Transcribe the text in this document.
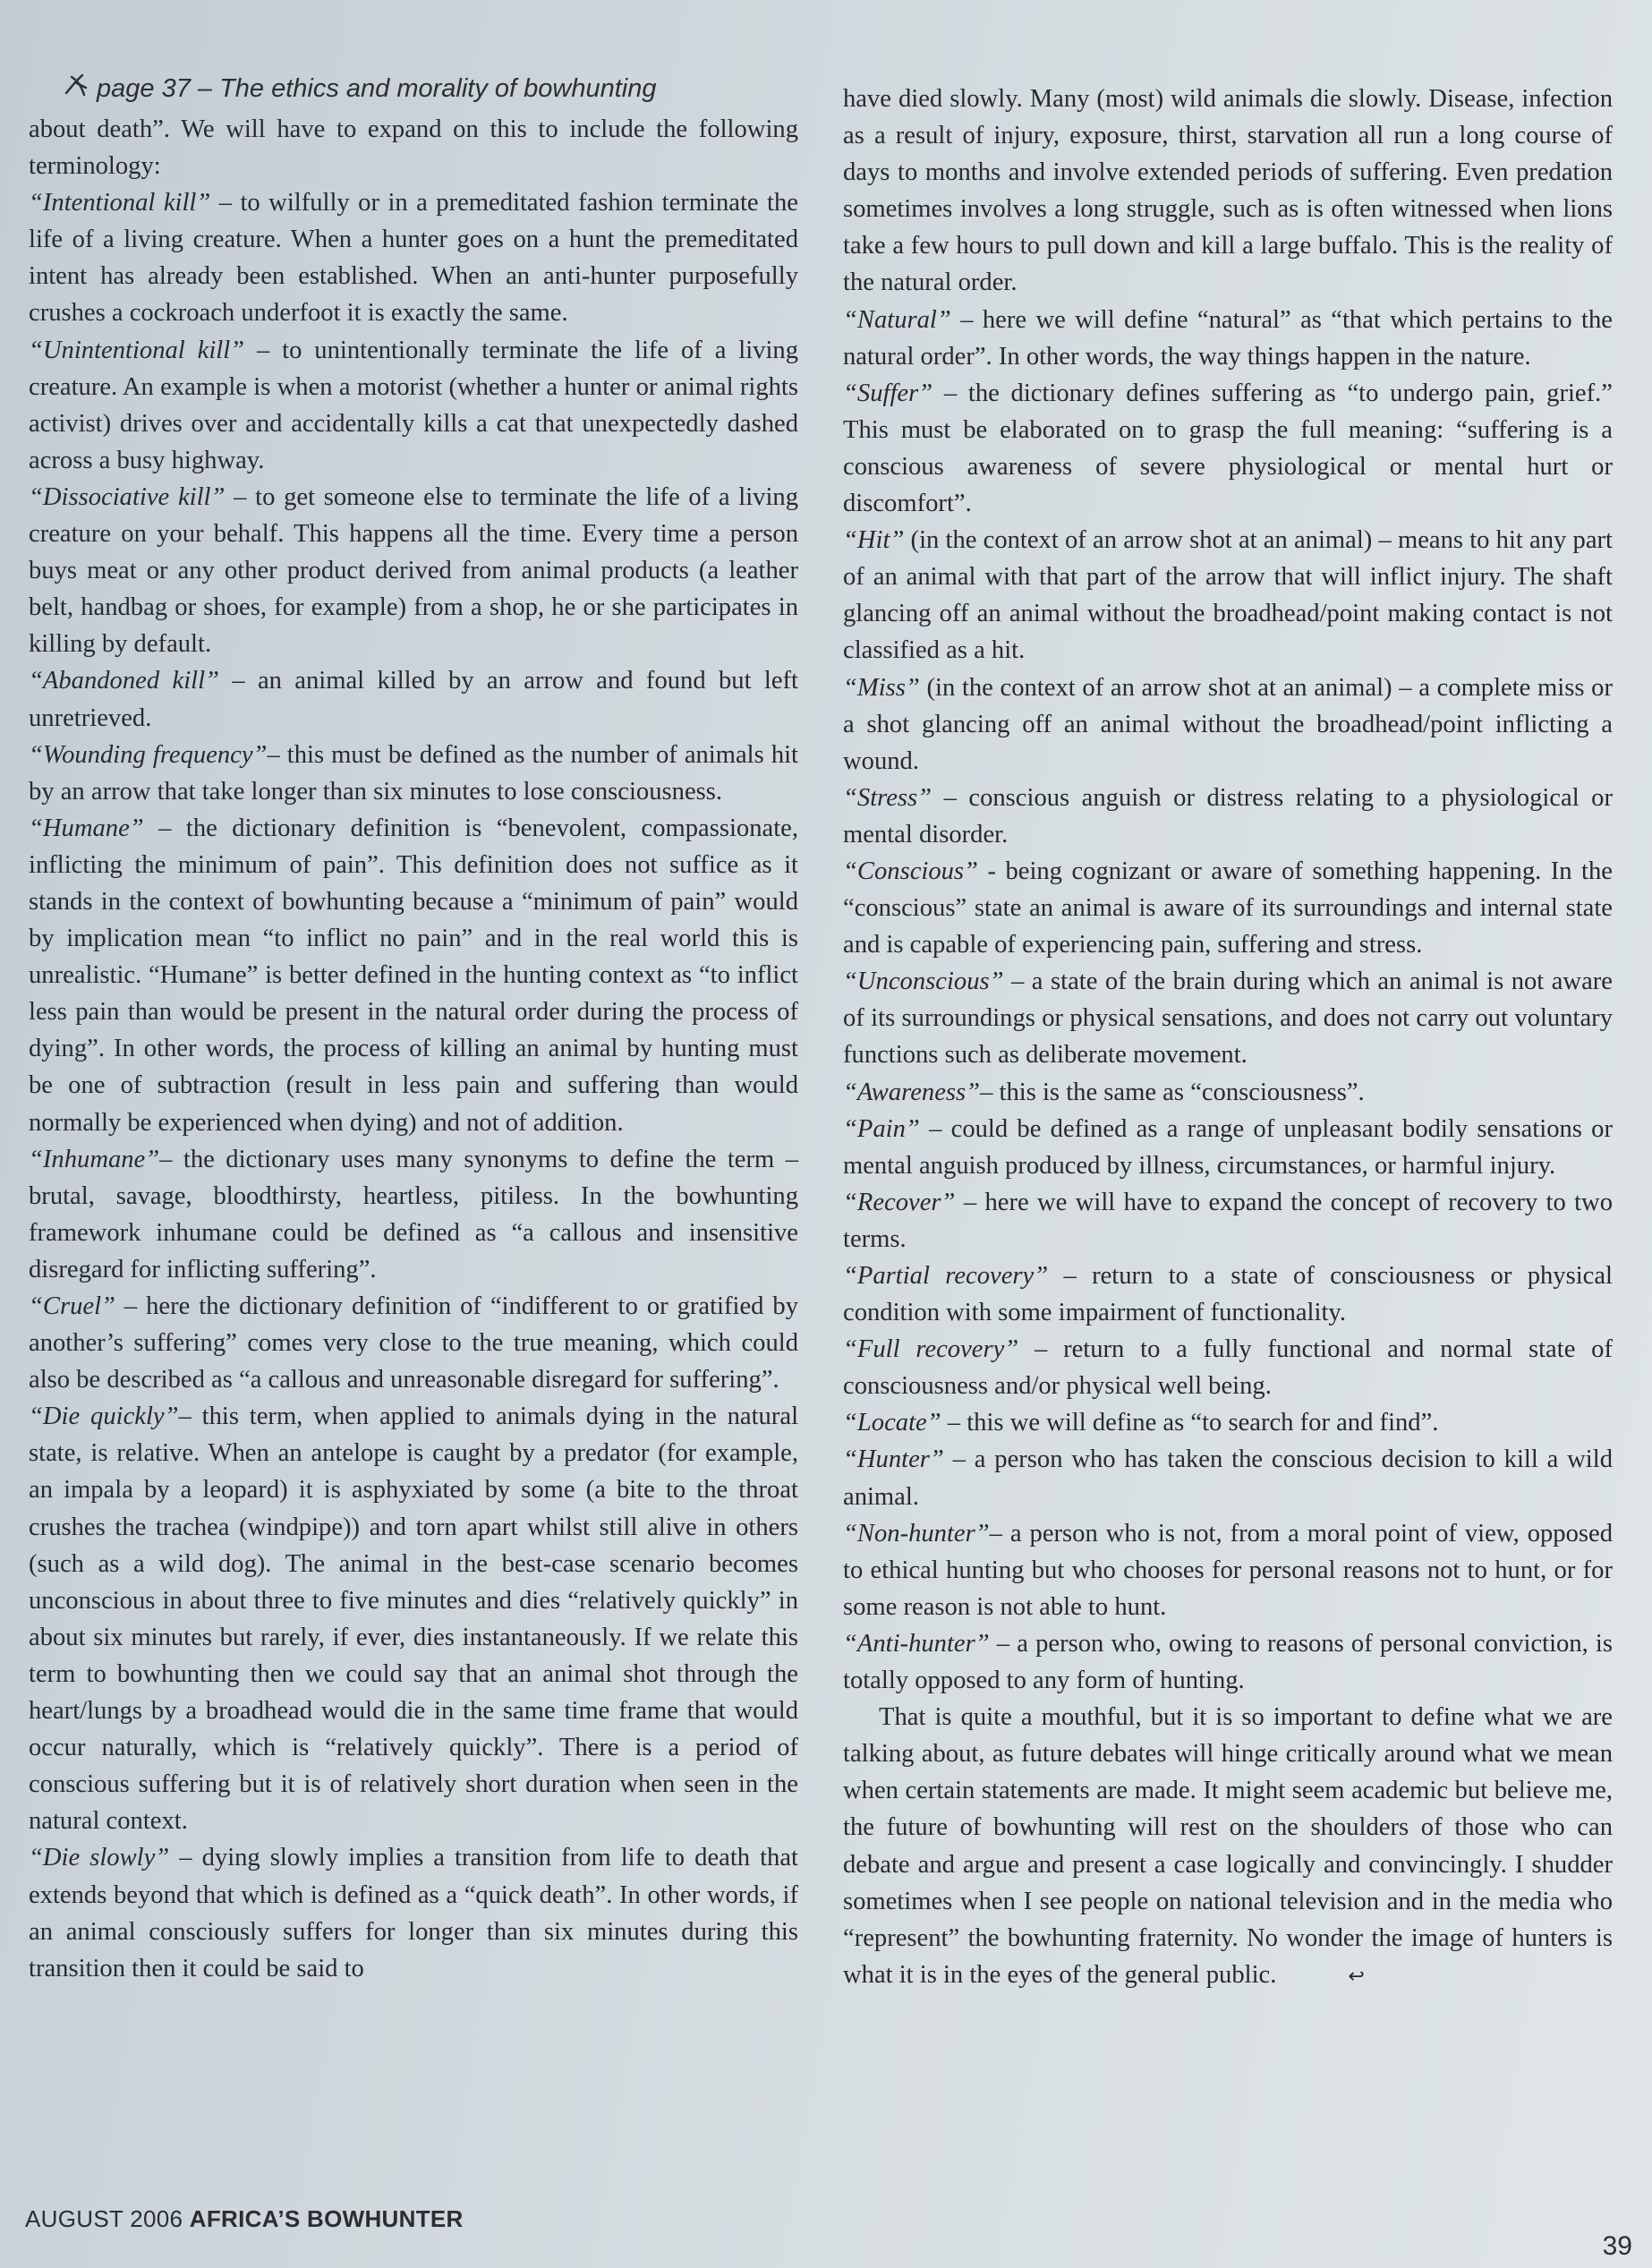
page 37 – The ethics and morality of bowhunting

about death”. We will have to expand on this to include the following terminology:

“Intentional kill” – to wilfully or in a premeditated fashion terminate the life of a living creature. When a hunter goes on a hunt the premeditated intent has already been established. When an anti-hunter purposefully crushes a cockroach underfoot it is exactly the same.

“Unintentional kill” – to unintentionally terminate the life of a living creature. An example is when a motorist (whether a hunter or animal rights activist) drives over and accidentally kills a cat that unexpectedly dashed across a busy highway.

“Dissociative kill” – to get someone else to terminate the life of a living creature on your behalf. This happens all the time. Every time a person buys meat or any other product derived from animal products (a leather belt, handbag or shoes, for example) from a shop, he or she participates in killing by default.

“Abandoned kill” – an animal killed by an arrow and found but left unretrieved.

“Wounding frequency”– this must be defined as the number of animals hit by an arrow that take longer than six minutes to lose consciousness.

“Humane” – the dictionary definition is “benevolent, compassionate, inflicting the minimum of pain”. This definition does not suffice as it stands in the context of bowhunting because a “minimum of pain” would by implication mean “to inflict no pain” and in the real world this is unrealistic. “Humane” is better defined in the hunting context as “to inflict less pain than would be present in the natural order during the process of dying”. In other words, the process of killing an animal by hunting must be one of subtraction (result in less pain and suffering than would normally be experienced when dying) and not of addition.

“Inhumane”– the dictionary uses many synonyms to define the term – brutal, savage, bloodthirsty, heartless, pitiless. In the bowhunting framework inhumane could be defined as “a callous and insensitive disregard for inflicting suffering”.

“Cruel” – here the dictionary definition of “indifferent to or gratified by another’s suffering” comes very close to the true meaning, which could also be described as “a callous and unreasonable disregard for suffering”.

“Die quickly”– this term, when applied to animals dying in the natural state, is relative. When an antelope is caught by a predator (for example, an impala by a leopard) it is asphyxiated by some (a bite to the throat crushes the trachea (windpipe)) and torn apart whilst still alive in others (such as a wild dog). The animal in the best-case scenario becomes unconscious in about three to five minutes and dies “relatively quickly” in about six minutes but rarely, if ever, dies instantaneously. If we relate this term to bowhunting then we could say that an animal shot through the heart/lungs by a broadhead would die in the same time frame that would occur naturally, which is “relatively quickly”. There is a period of conscious suffering but it is of relatively short duration when seen in the natural context.

“Die slowly” – dying slowly implies a transition from life to death that extends beyond that which is defined as a “quick death”. In other words, if an animal consciously suffers for longer than six minutes during this transition then it could be said to

have died slowly. Many (most) wild animals die slowly. Disease, infection as a result of injury, exposure, thirst, starvation all run a long course of days to months and involve extended periods of suffering. Even predation sometimes involves a long struggle, such as is often witnessed when lions take a few hours to pull down and kill a large buffalo. This is the reality of the natural order.

“Natural” – here we will define “natural” as “that which pertains to the natural order”. In other words, the way things happen in the nature.

“Suffer” – the dictionary defines suffering as “to undergo pain, grief.” This must be elaborated on to grasp the full meaning: “suffering is a conscious awareness of severe physiological or mental hurt or discomfort”.

“Hit” (in the context of an arrow shot at an animal) – means to hit any part of an animal with that part of the arrow that will inflict injury. The shaft glancing off an animal without the broadhead/point making contact is not classified as a hit.

“Miss” (in the context of an arrow shot at an animal) – a complete miss or a shot glancing off an animal without the broadhead/point inflicting a wound.

“Stress” – conscious anguish or distress relating to a physiological or mental disorder.

“Conscious” - being cognizant or aware of something happening. In the “conscious” state an animal is aware of its surroundings and internal state and is capable of experiencing pain, suffering and stress.

“Unconscious” – a state of the brain during which an animal is not aware of its surroundings or physical sensations, and does not carry out voluntary functions such as deliberate movement.

“Awareness”– this is the same as “consciousness”.

“Pain” – could be defined as a range of unpleasant bodily sensations or mental anguish produced by illness, circumstances, or harmful injury.

“Recover” – here we will have to expand the concept of recovery to two terms.

“Partial recovery” – return to a state of consciousness or physical condition with some impairment of functionality.

“Full recovery” – return to a fully functional and normal state of consciousness and/or physical well being.

“Locate” – this we will define as “to search for and find”.

“Hunter” – a person who has taken the conscious decision to kill a wild animal.

“Non-hunter”– a person who is not, from a moral point of view, opposed to ethical hunting but who chooses for personal reasons not to hunt, or for some reason is not able to hunt.

“Anti-hunter” – a person who, owing to reasons of personal conviction, is totally opposed to any form of hunting.

That is quite a mouthful, but it is so important to define what we are talking about, as future debates will hinge critically around what we mean when certain statements are made. It might seem academic but believe me, the future of bowhunting will rest on the shoulders of those who can debate and argue and present a case logically and convincingly. I shudder sometimes when I see people on national television and in the media who “represent” the bowhunting fraternity. No wonder the image of hunters is what it is in the eyes of the general public.	↩

AUGUST 2006 AFRICA’S BOWHUNTER
39
